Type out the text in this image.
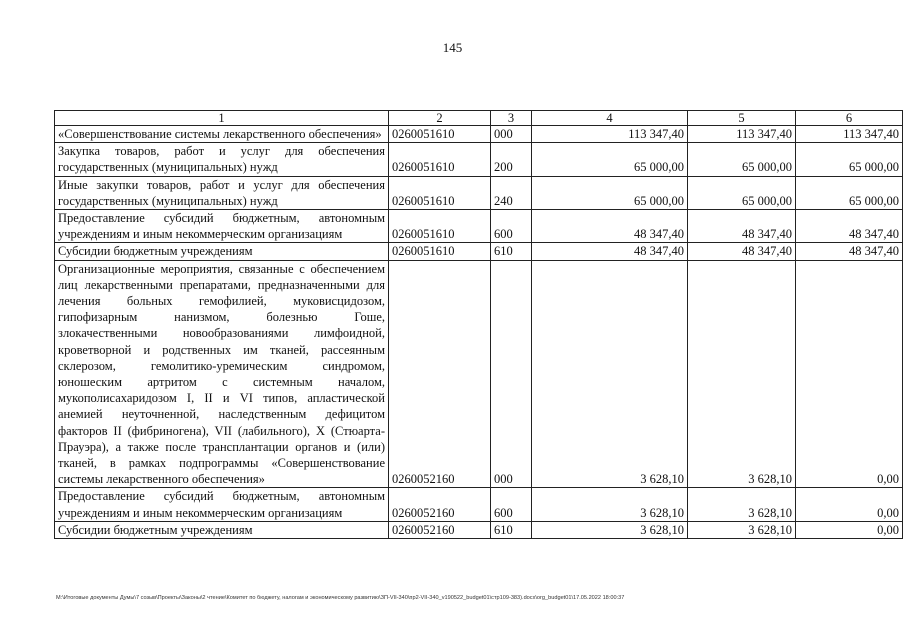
145
1	2	3	4	5	6
«Совершенствование системы лекарственного обеспечения»	0260051610	000	113 347,40	113 347,40	113 347,40
Закупка товаров, работ и услуг для обеспечения государственных (муниципальных) нужд	0260051610	200	65 000,00	65 000,00	65 000,00
Иные закупки товаров, работ и услуг для обеспечения государственных (муниципальных) нужд	0260051610	240	65 000,00	65 000,00	65 000,00
Предоставление субсидий бюджетным, автономным учреждениям и иным некоммерческим организациям	0260051610	600	48 347,40	48 347,40	48 347,40
Субсидии бюджетным учреждениям	0260051610	610	48 347,40	48 347,40	48 347,40
Организационные мероприятия, связанные с обеспечением лиц лекарственными препаратами, предназначенными для лечения больных гемофилией, муковисцидозом, гипофизарным нанизмом, болезнью Гоше, злокачественными новообразованиями лимфоидной, кроветворной и родственных им тканей, рассеянным склерозом, гемолитико-уремическим синдромом, юношеским артритом с системным началом, мукополисахаридозом I, II и VI типов, апластической анемией неуточненной, наследственным дефицитом факторов II (фибриногена), VII (лабильного), X (Стюарта-Прауэра), а также после трансплантации органов и (или) тканей, в рамках подпрограммы «Совершенствование системы лекарственного обеспечения»	0260052160	000	3 628,10	3 628,10	0,00
Предоставление субсидий бюджетным, автономным учреждениям и иным некоммерческим организациям	0260052160	600	3 628,10	3 628,10	0,00
Субсидии бюджетным учреждениям	0260052160	610	3 628,10	3 628,10	0,00
M:\Итоговые документы Думы\7 созыв\Проекты\Законы\2 чтение\Комитет по бюджету, налогам и экономическому развитию\ЗП-VII-340\пр2-VII-340_v190522_budget01\стр109-383).docx\org_budget01\17.05.2022 18:00:37
